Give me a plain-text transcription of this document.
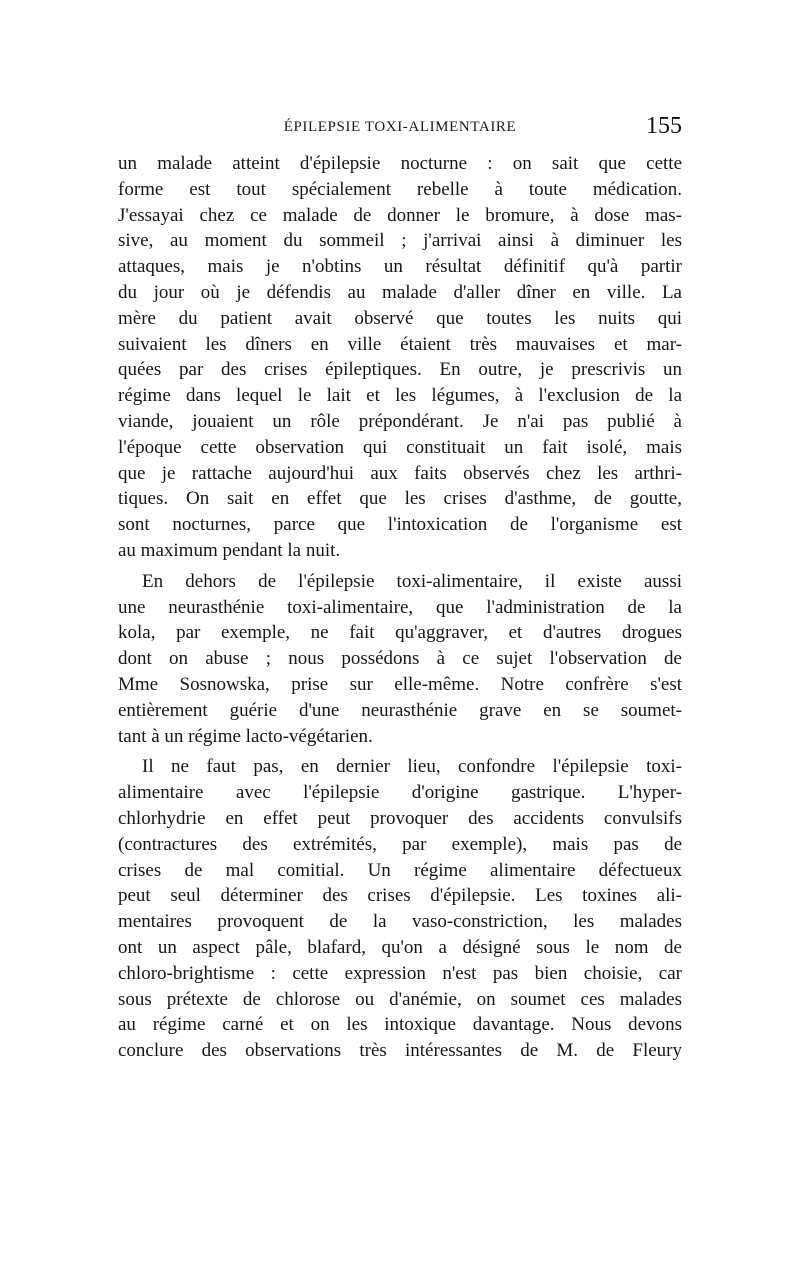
ÉPILEPSIE TOXI-ALIMENTAIRE	155
un malade atteint d'épilepsie nocturne : on sait que cette
forme est tout spécialement rebelle à toute médication.
J'essayai chez ce malade de donner le bromure, à dose mas-
sive, au moment du sommeil ; j'arrivai ainsi à diminuer les
attaques, mais je n'obtins un résultat définitif qu'à partir
du jour où je défendis au malade d'aller dîner en ville. La
mère du patient avait observé que toutes les nuits qui
suivaient les dîners en ville étaient très mauvaises et mar-
quées par des crises épileptiques. En outre, je prescrivis un
régime dans lequel le lait et les légumes, à l'exclusion de la
viande, jouaient un rôle prépondérant. Je n'ai pas publié à
l'époque cette observation qui constituait un fait isolé, mais
que je rattache aujourd'hui aux faits observés chez les arthri-
tiques. On sait en effet que les crises d'asthme, de goutte,
sont nocturnes, parce que l'intoxication de l'organisme est
au maximum pendant la nuit.
En dehors de l'épilepsie toxi-alimentaire, il existe aussi
une neurasthénie toxi-alimentaire, que l'administration de la
kola, par exemple, ne fait qu'aggraver, et d'autres drogues
dont on abuse ; nous possédons à ce sujet l'observation de
Mme Sosnowska, prise sur elle-même. Notre confrère s'est
entièrement guérie d'une neurasthénie grave en se soumet-
tant à un régime lacto-végétarien.
Il ne faut pas, en dernier lieu, confondre l'épilepsie toxi-
alimentaire avec l'épilepsie d'origine gastrique. L'hyper-
chlorhydrie en effet peut provoquer des accidents convulsifs
(contractures des extrémités, par exemple), mais pas de
crises de mal comitial. Un régime alimentaire défectueux
peut seul déterminer des crises d'épilepsie. Les toxines ali-
mentaires provoquent de la vaso-constriction, les malades
ont un aspect pâle, blafard, qu'on a désigné sous le nom de
chloro-brightisme : cette expression n'est pas bien choisie, car
sous prétexte de chlorose ou d'anémie, on soumet ces malades
au régime carné et on les intoxique davantage. Nous devons
conclure des observations très intéressantes de M. de Fleury
